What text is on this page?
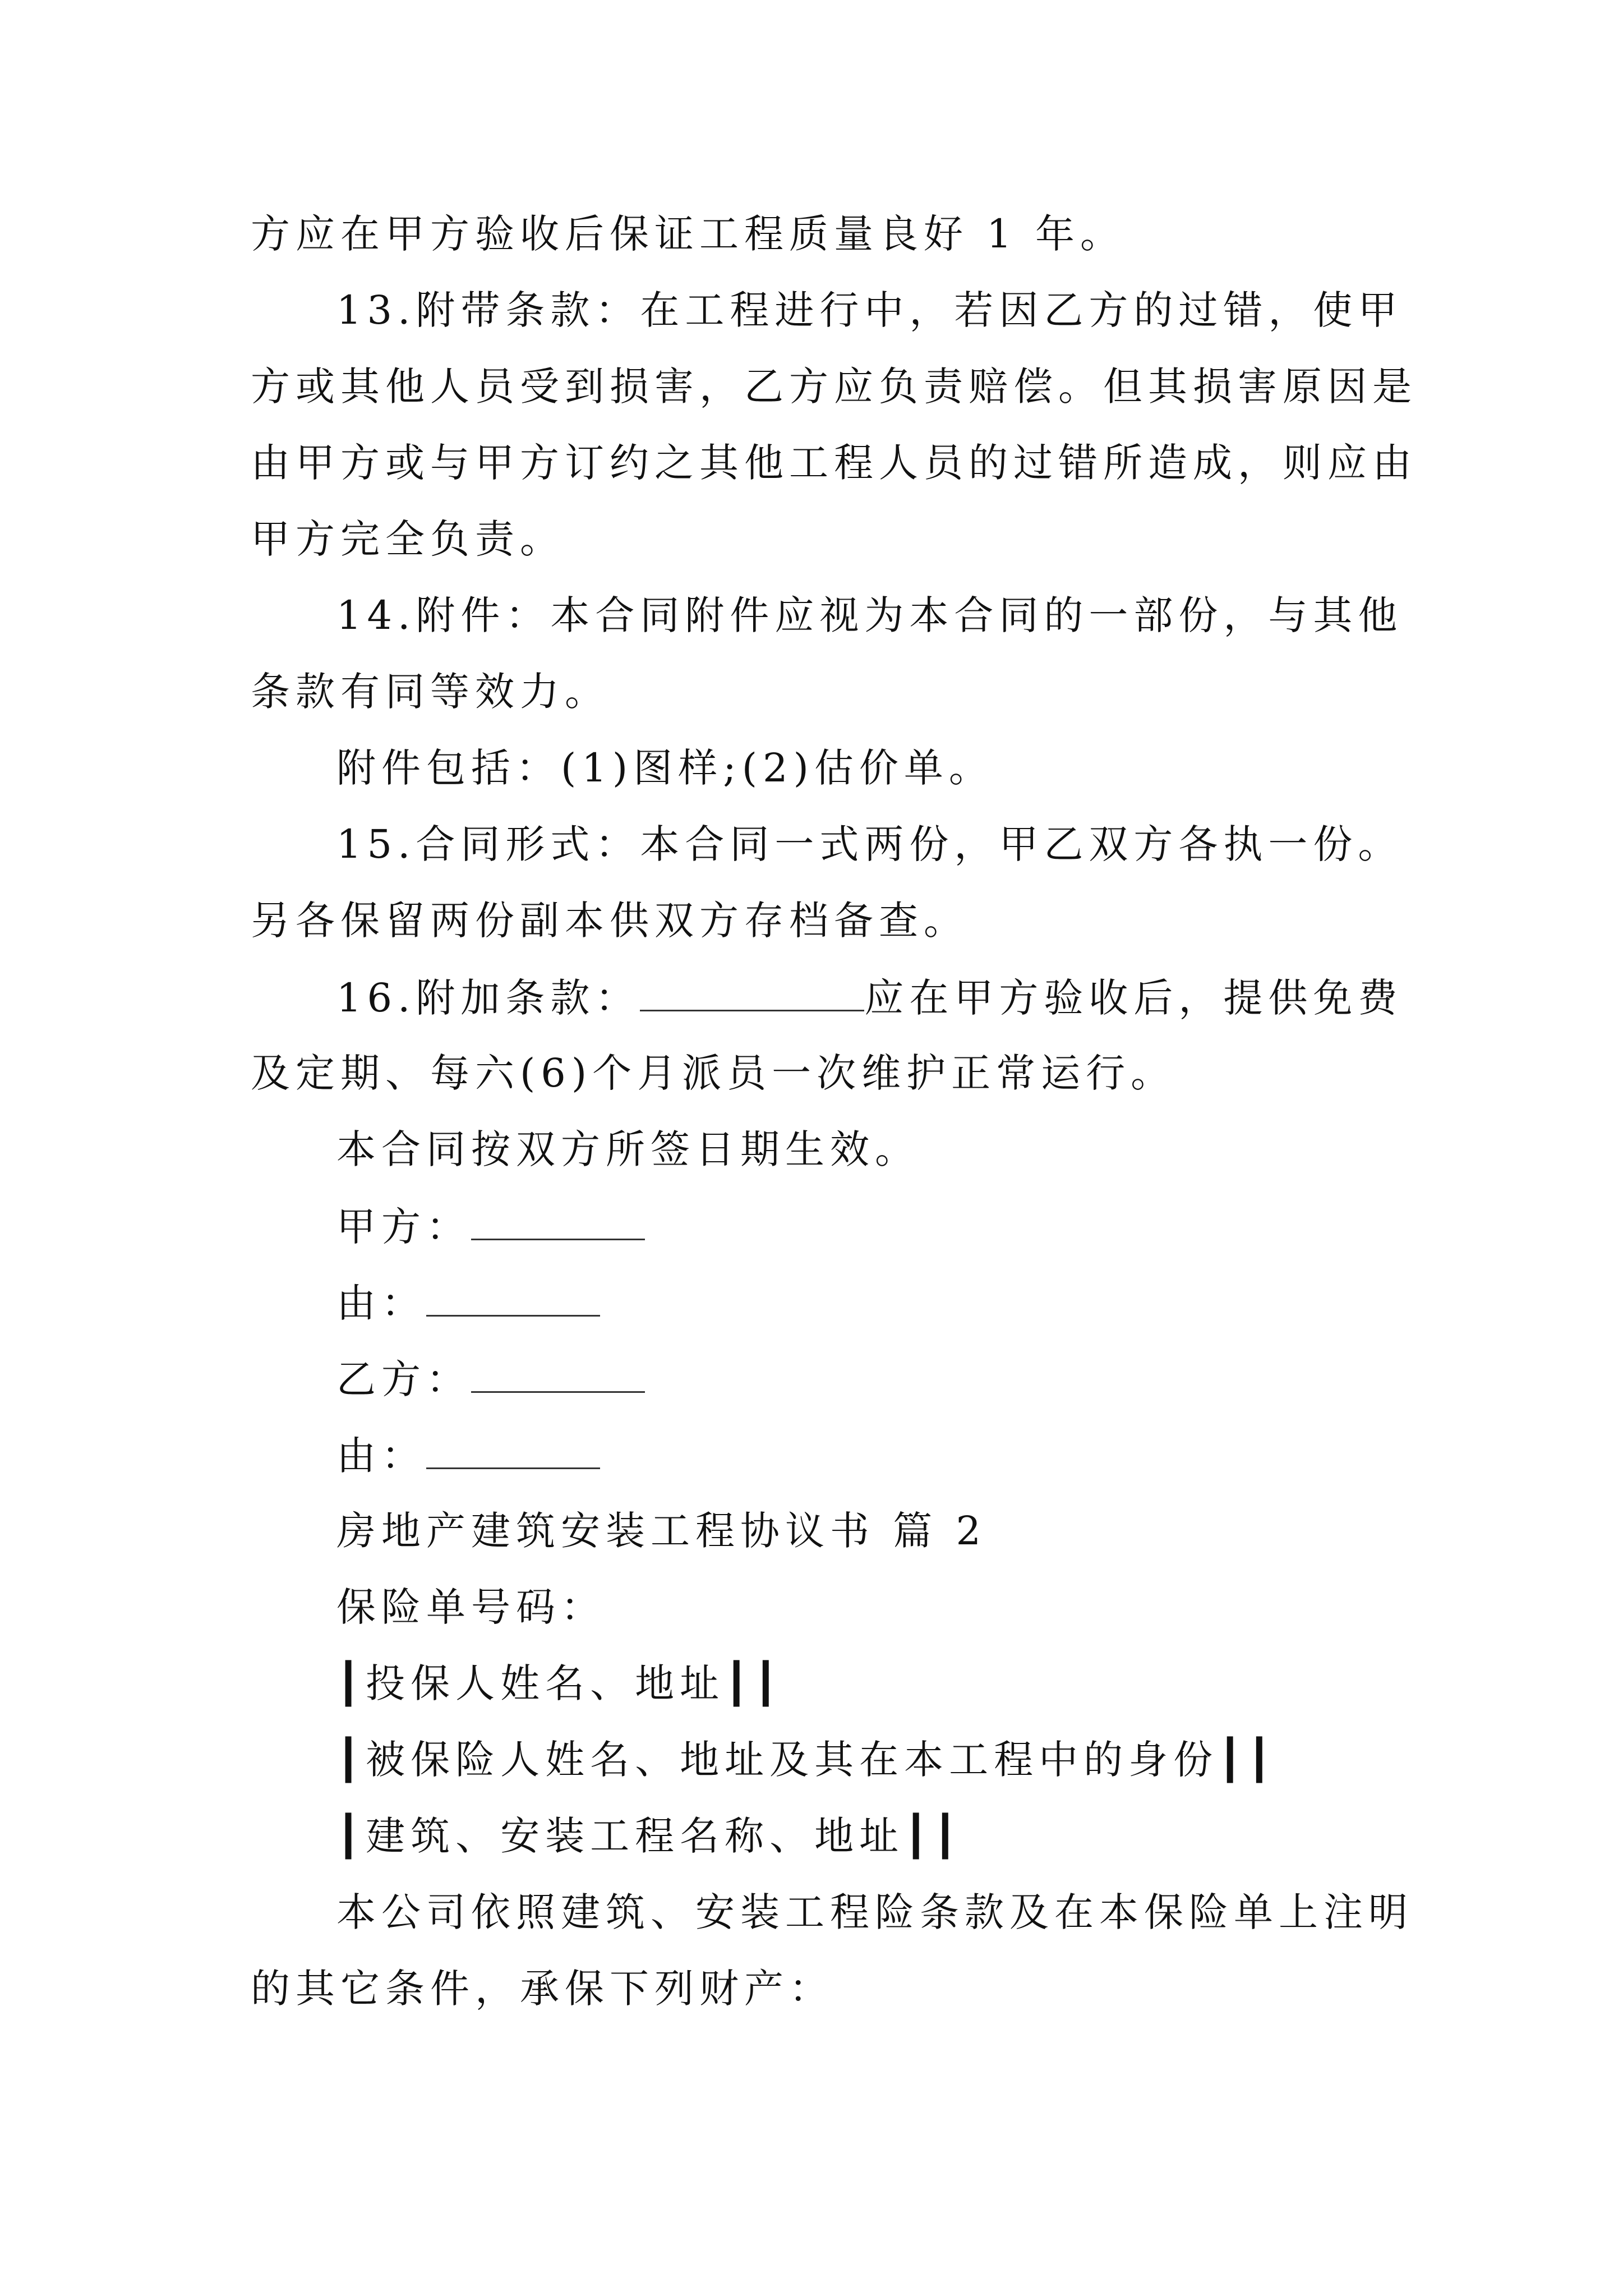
方应在甲方验收后保证工程质量良好 1 年。
13.附带条款：在工程进行中，若因乙方的过错，使甲
方或其他人员受到损害，乙方应负责赔偿。但其损害原因是
由甲方或与甲方订约之其他工程人员的过错所造成，则应由
甲方完全负责。
14.附件：本合同附件应视为本合同的一部份，与其他
条款有同等效力。
附件包括：(1)图样;(2)估价单。
15.合同形式：本合同一式两份，甲乙双方各执一份。
另各保留两份副本供双方存档备查。
16.附加条款：	应在甲方验收后，提供免费
及定期、每六(6)个月派员一次维护正常运行。
本合同按双方所签日期生效。
甲方：
由：
乙方：
由：
房地产建筑安装工程协议书 篇 2
保险单号码：
┃投保人姓名、地址┃┃
┃被保险人姓名、地址及其在本工程中的身份┃┃
┃建筑、安装工程名称、地址┃┃
本公司依照建筑、安装工程险条款及在本保险单上注明
的其它条件，承保下列财产：
